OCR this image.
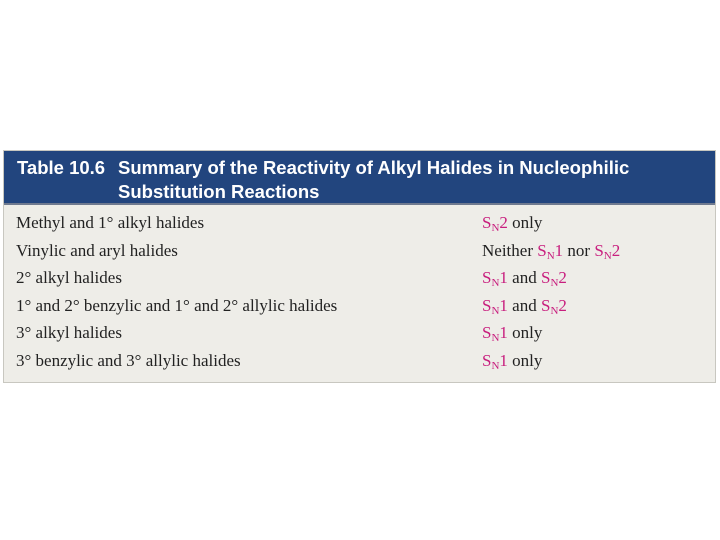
Table 10.6 Summary of the Reactivity of Alkyl Halides in Nucleophilic Substitution Reactions
Methyl and 1° alkyl halides	$S_N2$ only
Vinylic and aryl halides	Neither $S_N1$ nor $S_N2$
2° alkyl halides	$S_N1$ and $S_N2$
1° and 2° benzylic and 1° and 2° allylic halides	$S_N1$ and $S_N2$
3° alkyl halides	$S_N1$ only
3° benzylic and 3° allylic halides	$S_N1$ only
